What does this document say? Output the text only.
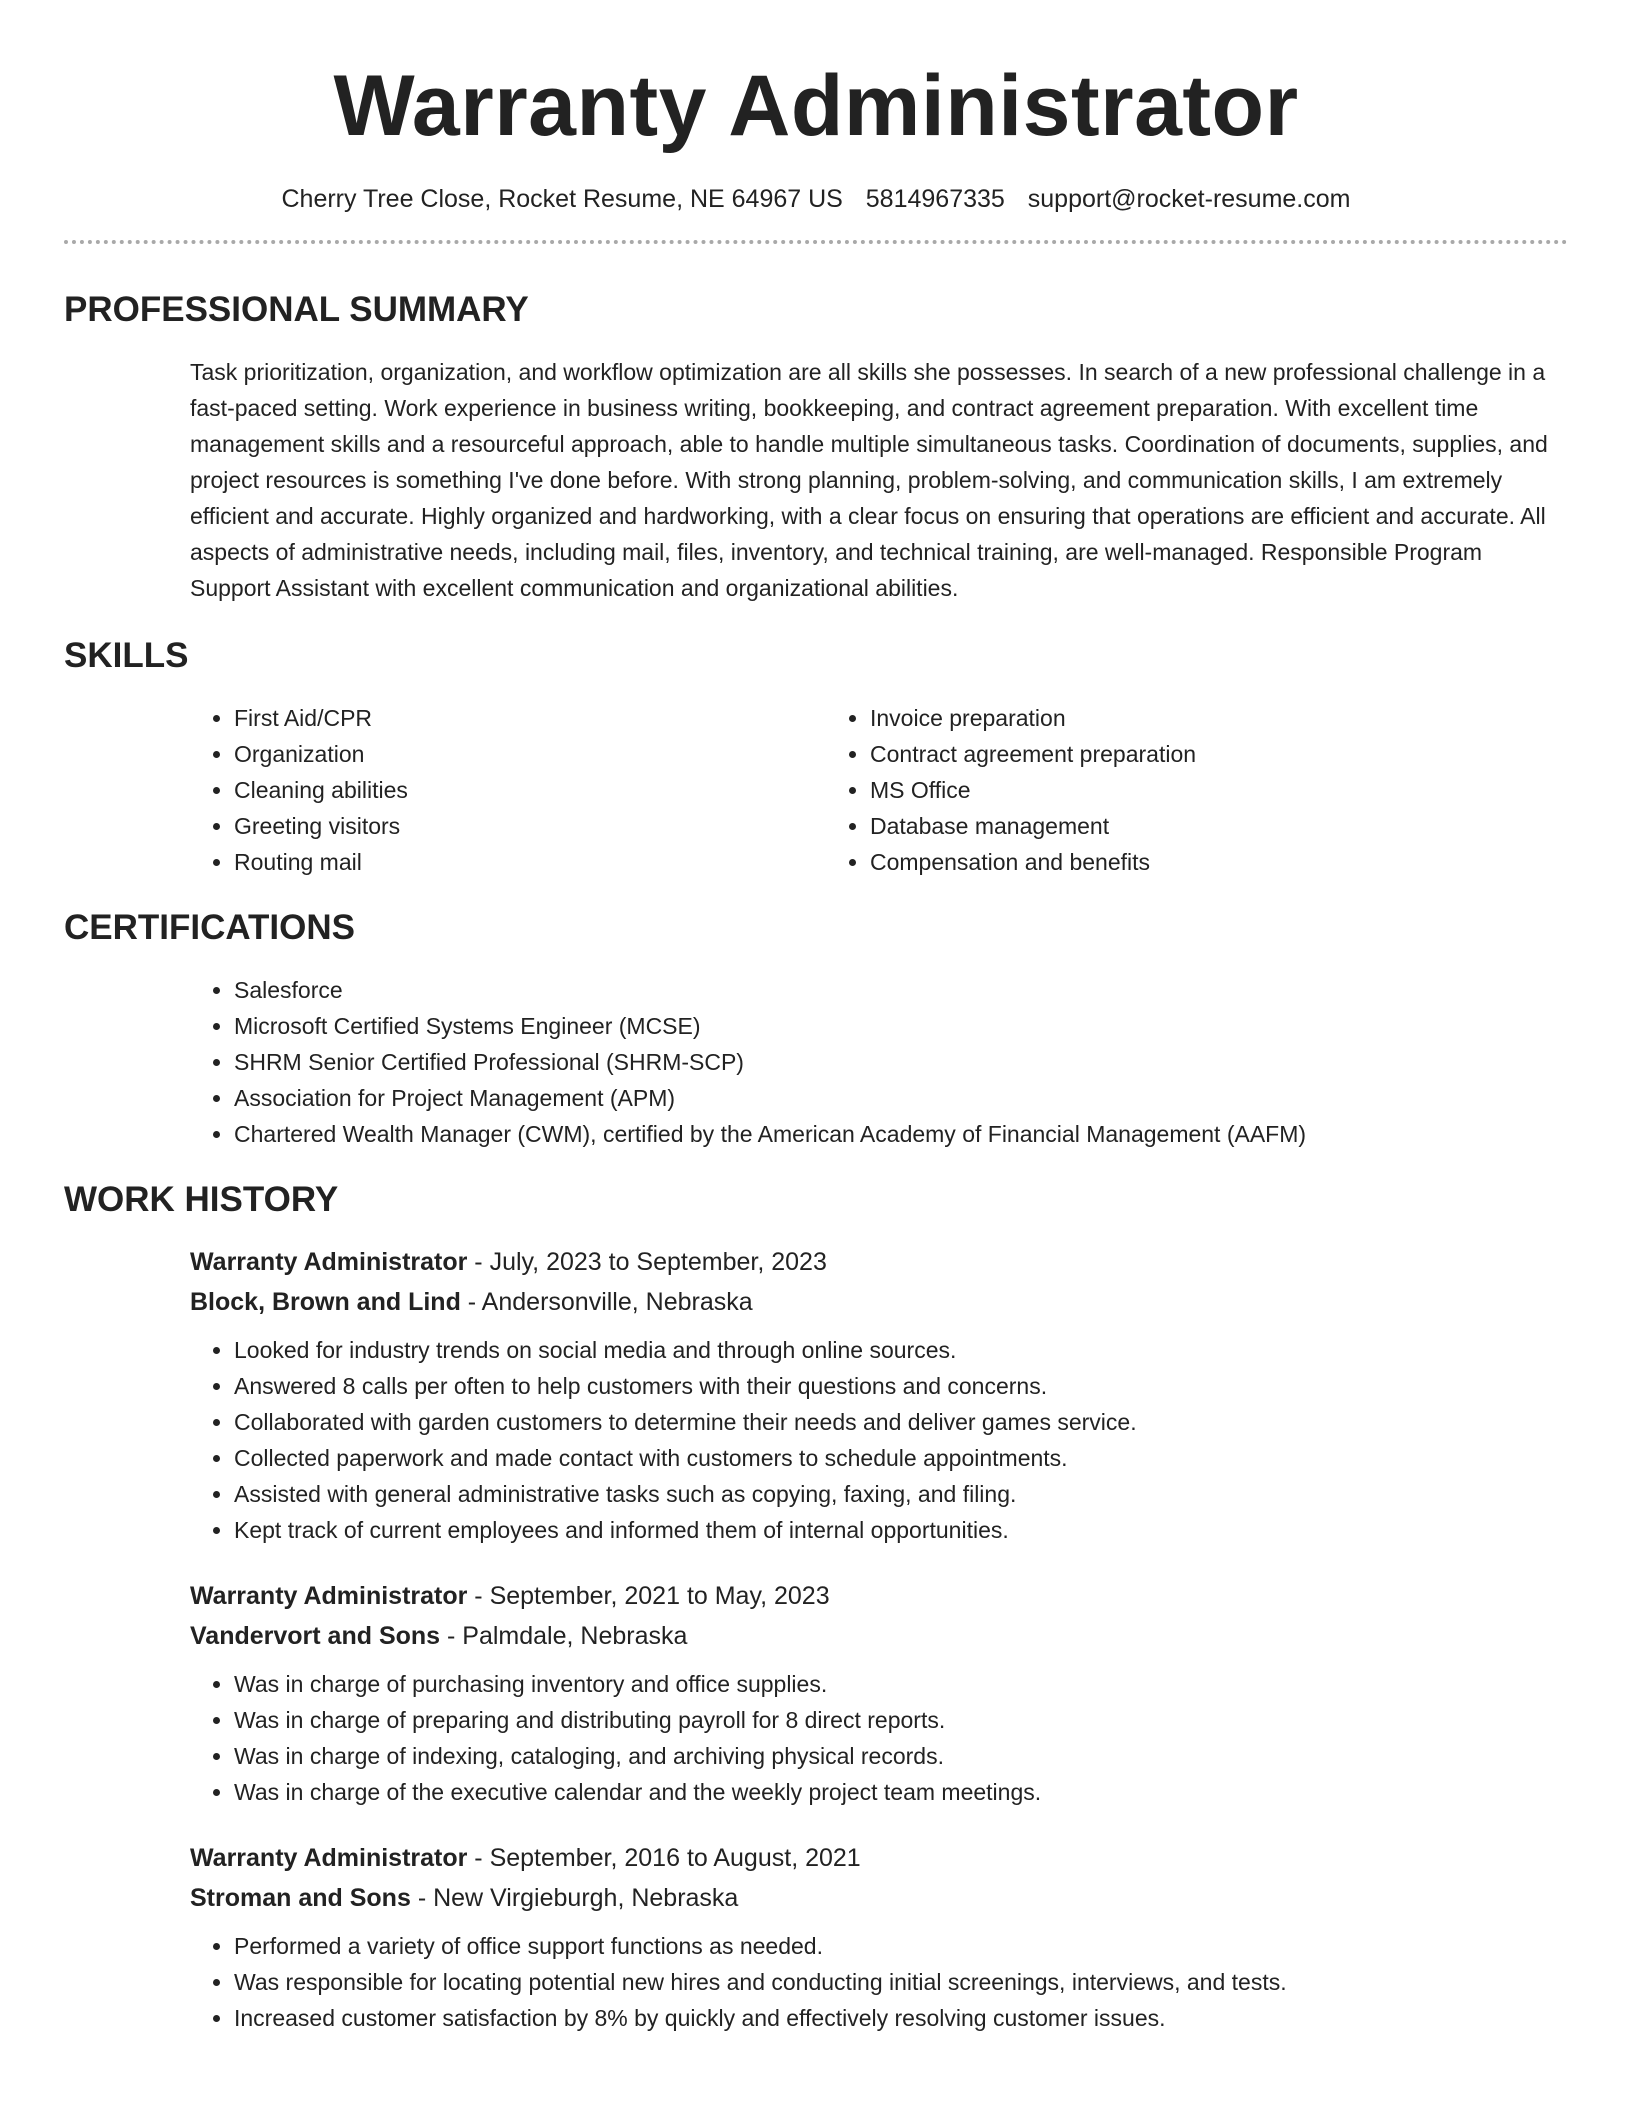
Warranty Administrator
Cherry Tree Close, Rocket Resume, NE 64967 US 5814967335 support@rocket-resume.com
PROFESSIONAL SUMMARY

Task prioritization, organization, and workflow optimization are all skills she possesses. In search of a new professional challenge in a fast-paced setting. Work experience in business writing, bookkeeping, and contract agreement preparation. With excellent time management skills and a resourceful approach, able to handle multiple simultaneous tasks. Coordination of documents, supplies, and project resources is something I've done before. With strong planning, problem-solving, and communication skills, I am extremely efficient and accurate. Highly organized and hardworking, with a clear focus on ensuring that operations are efficient and accurate. All aspects of administrative needs, including mail, files, inventory, and technical training, are well-managed. Responsible Program Support Assistant with excellent communication and organizational abilities.

SKILLS
• First Aid/CPR
• Organization
• Cleaning abilities
• Greeting visitors
• Routing mail
• Invoice preparation
• Contract agreement preparation
• MS Office
• Database management
• Compensation and benefits
CERTIFICATIONS
• Salesforce
• Microsoft Certified Systems Engineer (MCSE)
• SHRM Senior Certified Professional (SHRM-SCP)
• Association for Project Management (APM)
• Chartered Wealth Manager (CWM), certified by the American Academy of Financial Management (AAFM)
WORK HISTORY
Warranty Administrator - July, 2023 to September, 2023
Block, Brown and Lind - Andersonville, Nebraska
• Looked for industry trends on social media and through online sources.
• Answered 8 calls per often to help customers with their questions and concerns.
• Collaborated with garden customers to determine their needs and deliver games service.
• Collected paperwork and made contact with customers to schedule appointments.
• Assisted with general administrative tasks such as copying, faxing, and filing.
• Kept track of current employees and informed them of internal opportunities.
Warranty Administrator - September, 2021 to May, 2023
Vandervort and Sons - Palmdale, Nebraska
• Was in charge of purchasing inventory and office supplies.
• Was in charge of preparing and distributing payroll for 8 direct reports.
• Was in charge of indexing, cataloging, and archiving physical records.
• Was in charge of the executive calendar and the weekly project team meetings.
Warranty Administrator - September, 2016 to August, 2021
Stroman and Sons - New Virgieburgh, Nebraska
• Performed a variety of office support functions as needed.
• Was responsible for locating potential new hires and conducting initial screenings, interviews, and tests.
• Increased customer satisfaction by 8% by quickly and effectively resolving customer issues.
